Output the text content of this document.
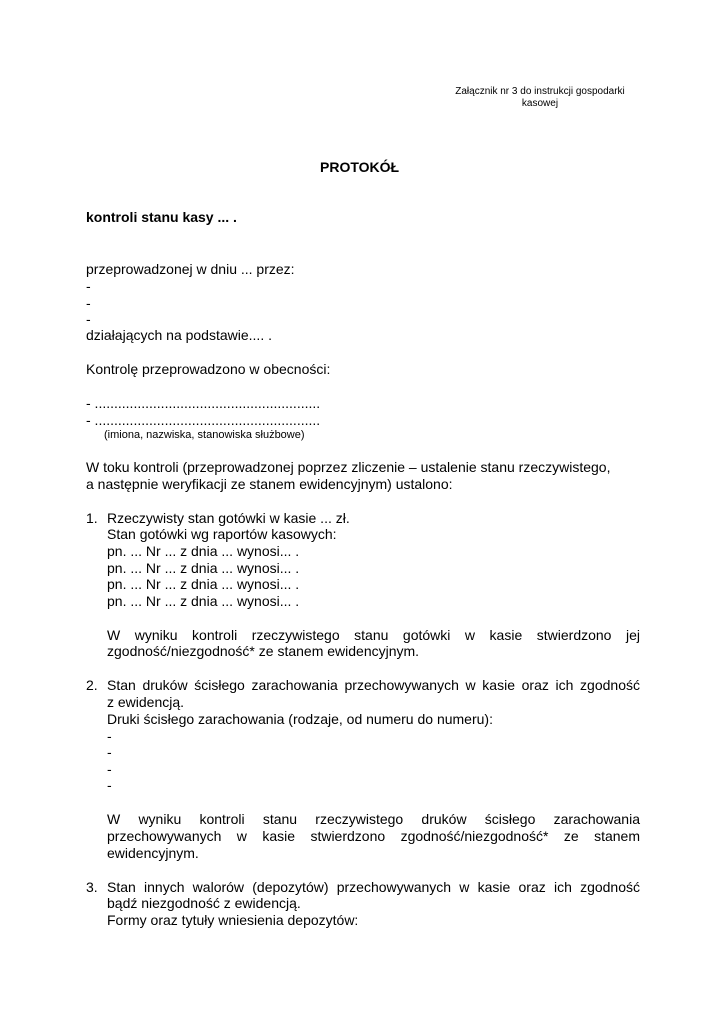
Załącznik nr 3 do instrukcji gospodarki
kasowej
PROTOKÓŁ
kontroli stanu kasy ... .
przeprowadzonej w dniu ... przez:
-
-
-
działających na podstawie.... .
Kontrolę przeprowadzono w obecności:
- ..........................................................
- ..........................................................
(imiona, nazwiska, stanowiska służbowe)
W toku kontroli (przeprowadzonej poprzez zliczenie – ustalenie stanu rzeczywistego,
a następnie weryfikacji ze stanem ewidencyjnym) ustalono:
1. Rzeczywisty stan gotówki w kasie ... zł.
Stan gotówki wg raportów kasowych:
pn. ... Nr ... z dnia ... wynosi... .
pn. ... Nr ... z dnia ... wynosi... .
pn. ... Nr ... z dnia ... wynosi... .
pn. ... Nr ... z dnia ... wynosi... .
W wyniku kontroli rzeczywistego stanu gotówki w kasie stwierdzono jej
zgodność/niezgodność* ze stanem ewidencyjnym.
2. Stan druków ścisłego zarachowania przechowywanych w kasie oraz ich zgodność
z ewidencją.
Druki ścisłego zarachowania (rodzaje, od numeru do numeru):
-
-
-
-
W wyniku kontroli stanu rzeczywistego druków ścisłego zarachowania
przechowywanych w kasie stwierdzono zgodność/niezgodność* ze stanem
ewidencyjnym.
3. Stan innych walorów (depozytów) przechowywanych w kasie oraz ich zgodność
bądź niezgodność z ewidencją.
Formy oraz tytuły wniesienia depozytów:
